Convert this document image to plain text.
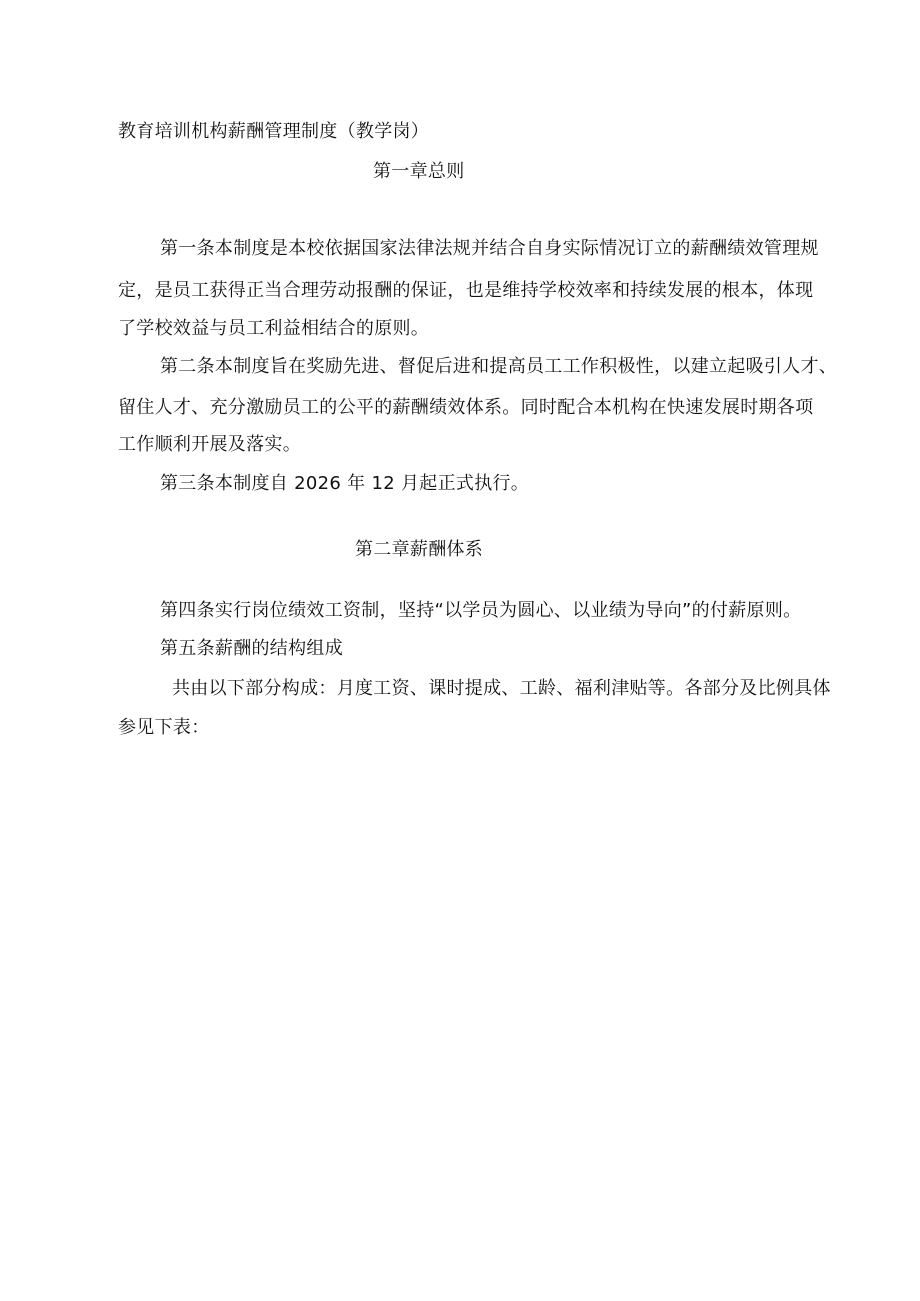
教育培训机构薪酬管理制度（教学岗）
第一章总则
第一条本制度是本校依据国家法律法规并结合自身实际情况订立的薪酬绩效管理规
定，是员工获得正当合理劳动报酬的保证，也是维持学校效率和持续发展的根本，体现
了学校效益与员工利益相结合的原则。
第二条本制度旨在奖励先进、督促后进和提高员工工作积极性，以建立起吸引人才、
留住人才、充分激励员工的公平的薪酬绩效体系。同时配合本机构在快速发展时期各项
工作顺利开展及落实。
第三条本制度自 2026 年 12 月起正式执行。
第二章薪酬体系
第四条实行岗位绩效工资制，坚持“以学员为圆心、以业绩为导向”的付薪原则。
第五条薪酬的结构组成
共由以下部分构成：月度工资、课时提成、工龄、福利津贴等。各部分及比例具体
参见下表：
